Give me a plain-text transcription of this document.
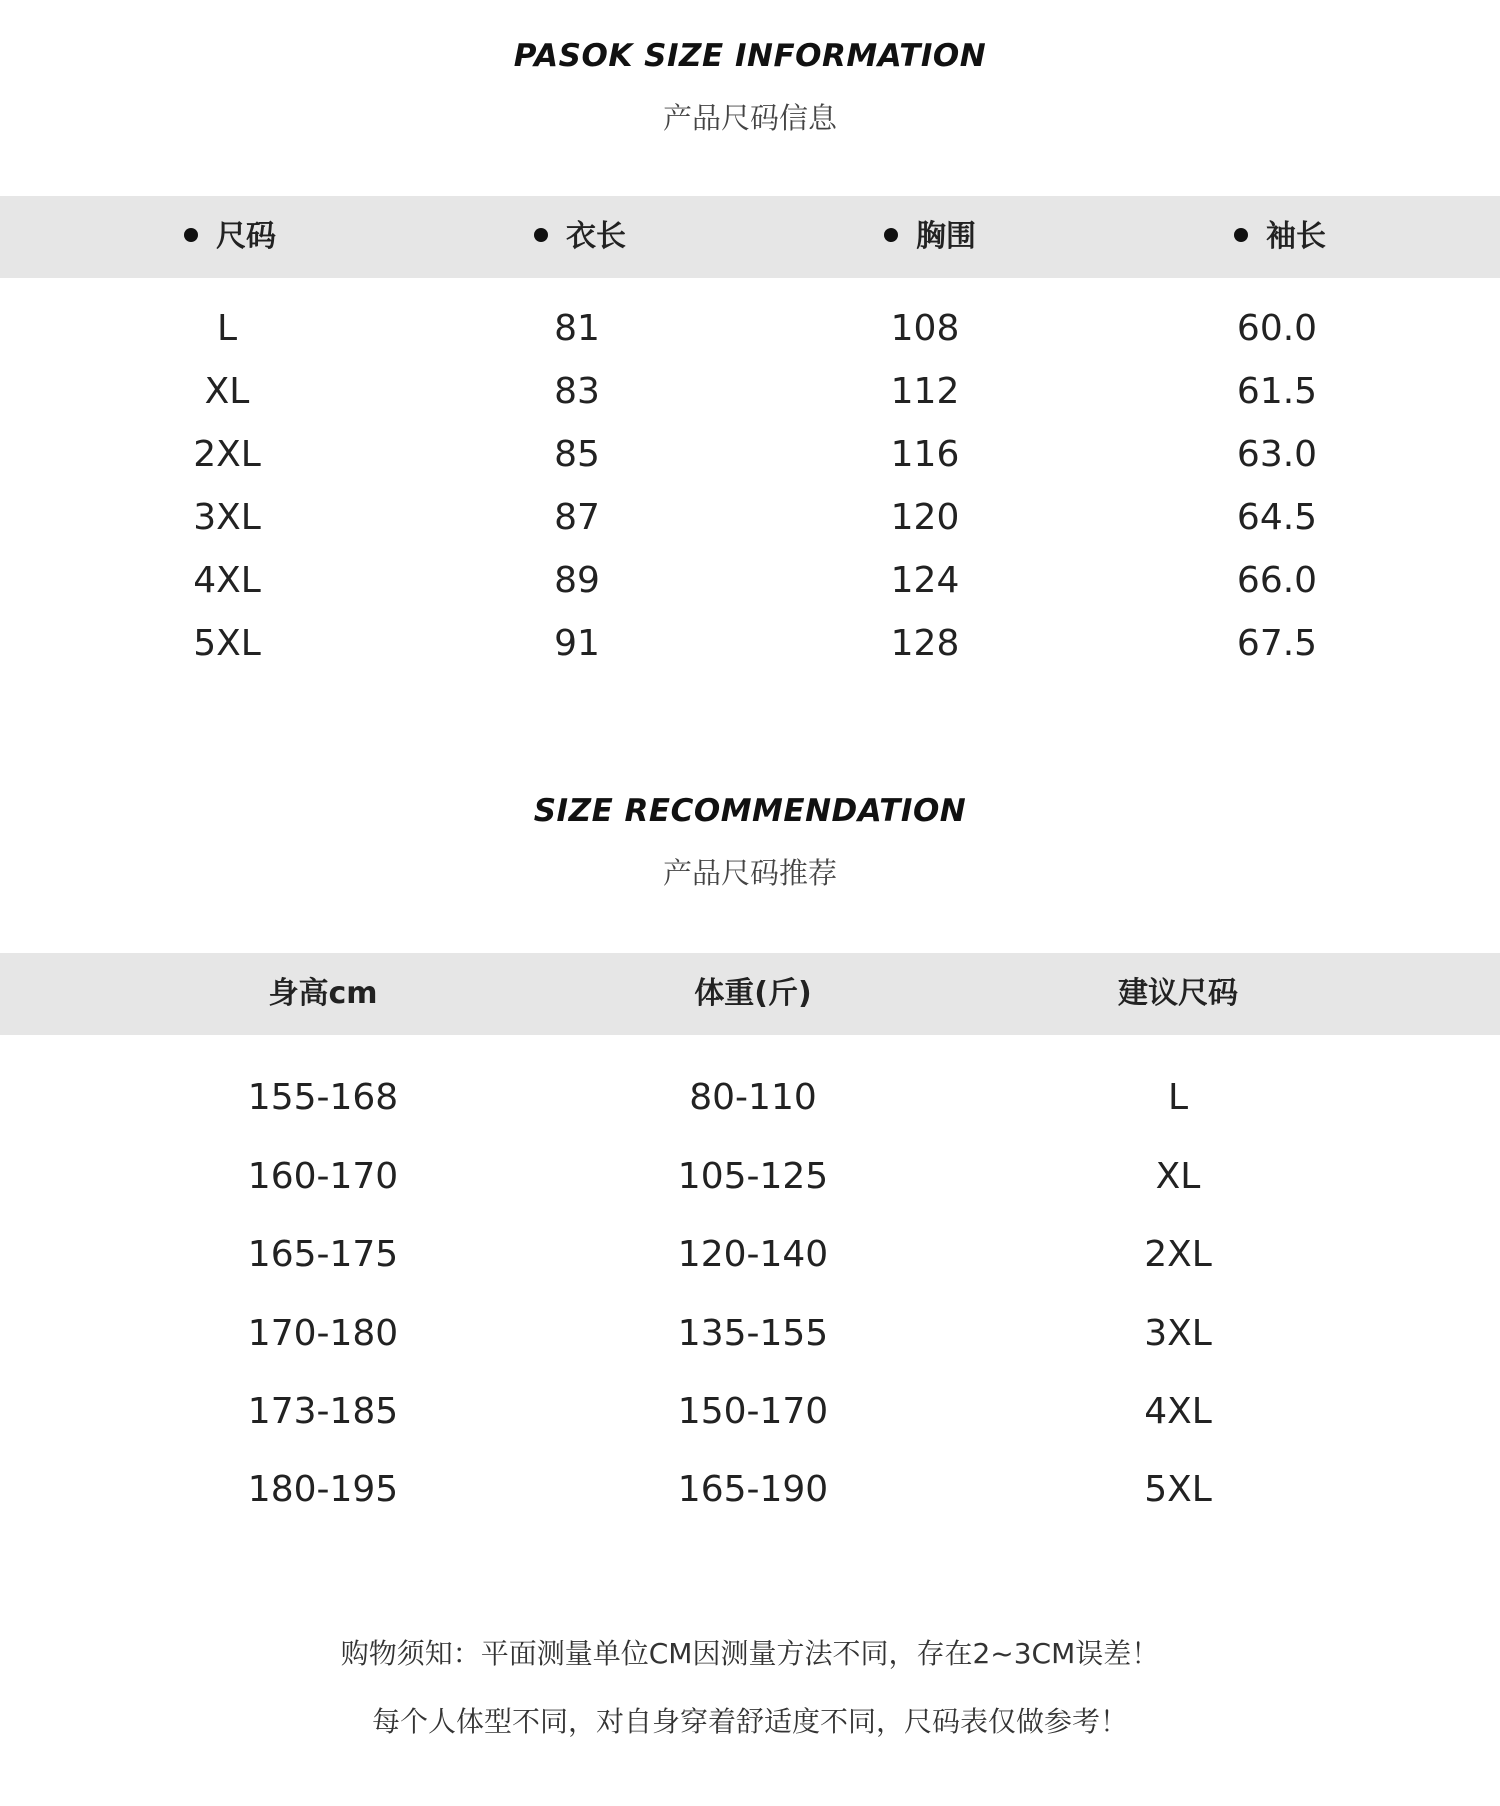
PASOK SIZE INFORMATION
产品尺码信息
尺码	衣长	胸围	袖长
L	81	108	60.0
XL	83	112	61.5
2XL	85	116	63.0
3XL	87	120	64.5
4XL	89	124	66.0
5XL	91	128	67.5
SIZE RECOMMENDATION
产品尺码推荐
身高cm	体重(斤)	建议尺码
155-168	80-110	L
160-170	105-125	XL
165-175	120-140	2XL
170-180	135-155	3XL
173-185	150-170	4XL
180-195	165-190	5XL
购物须知：平面测量单位CM因测量方法不同，存在2~3CM误差！
每个人体型不同，对自身穿着舒适度不同，尺码表仅做参考！
